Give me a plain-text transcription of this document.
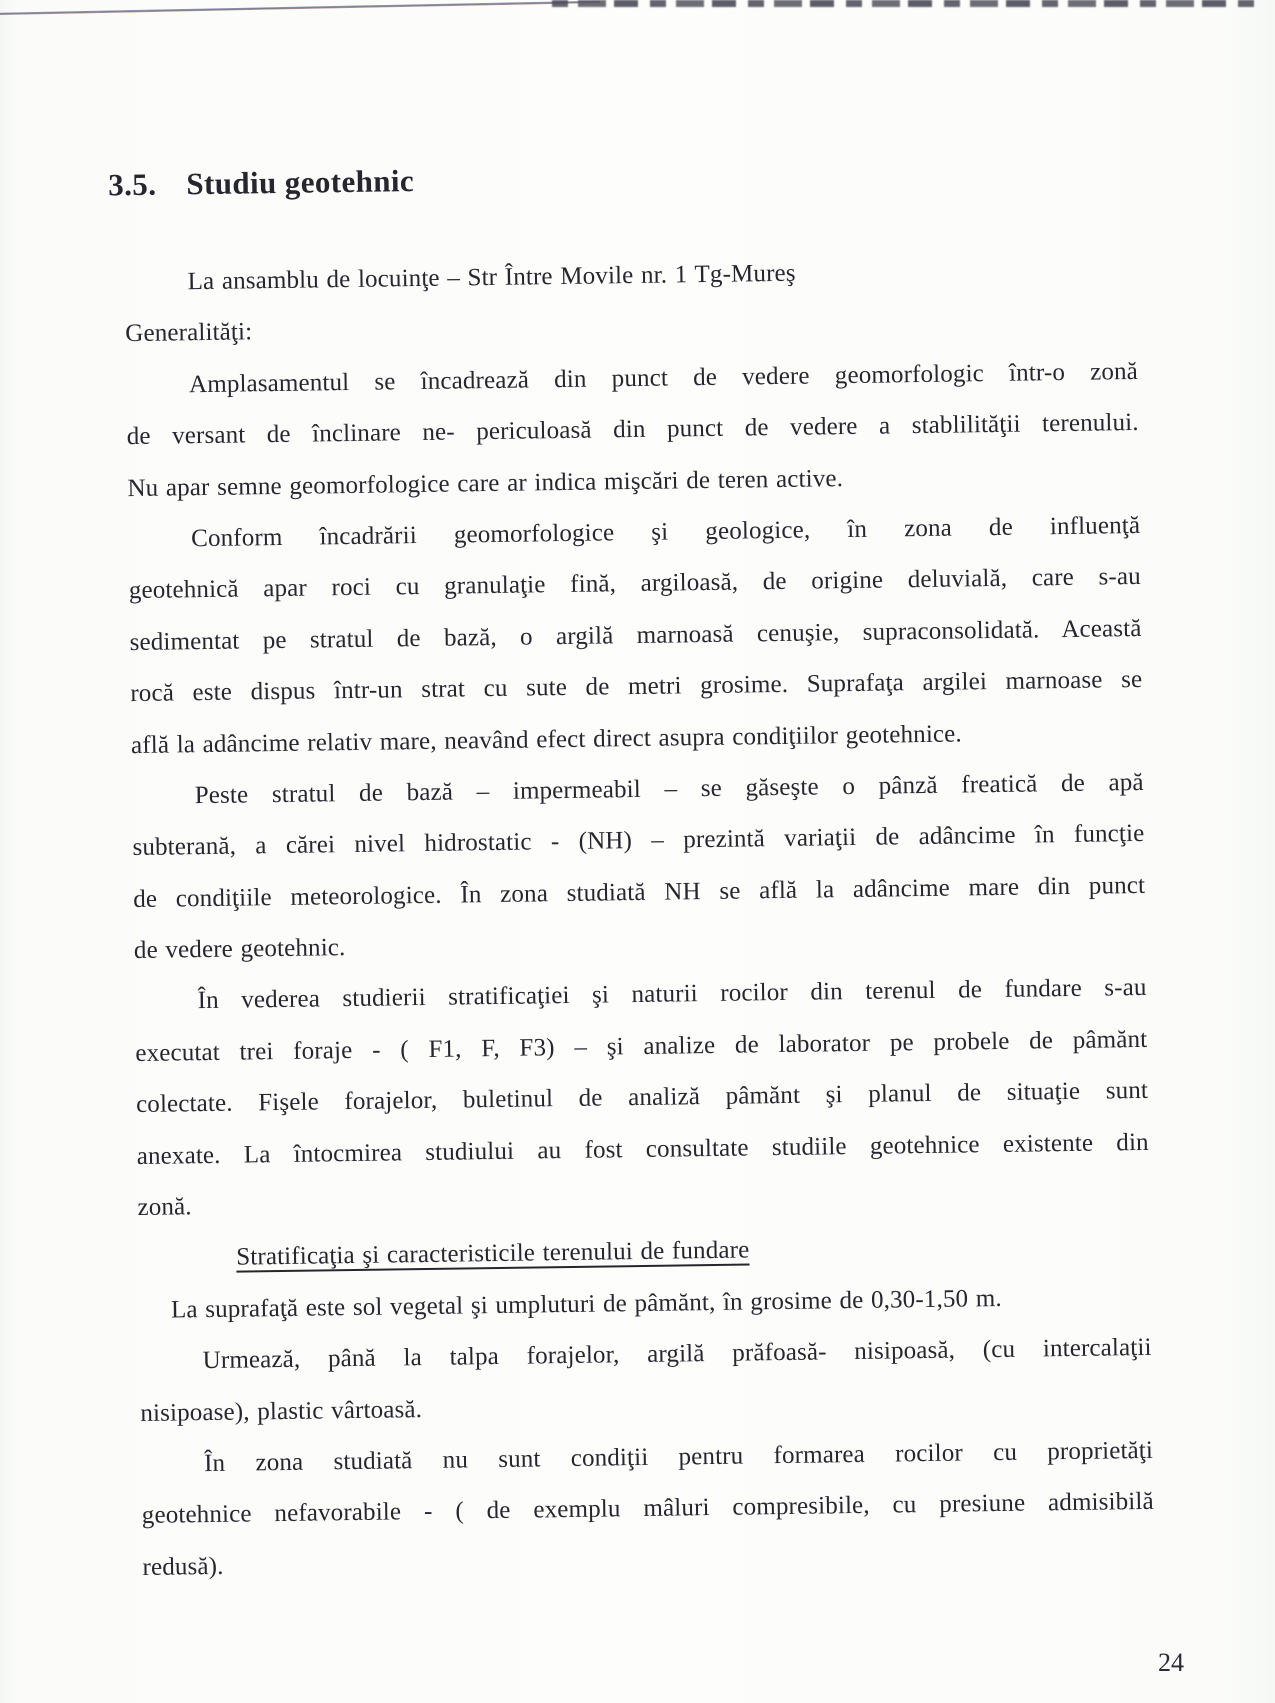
3.5. Studiu geotehnic
La ansamblu de locuinţe – Str Între Movile nr. 1 Tg-Mureş
Generalităţi:
Amplasamentul se încadrează din punct de vedere geomorfologic într-o zonă
de versant de înclinare ne- periculoasă din punct de vedere a stablilităţii terenului.
Nu apar semne geomorfologice care ar indica mişcări de teren active.
Conform încadrării geomorfologice şi geologice, în zona de influenţă
geotehnică apar roci cu granulaţie fină, argiloasă, de origine deluvială, care s-au
sedimentat pe stratul de bază, o argilă marnoasă cenuşie, supraconsolidată. Această
rocă este dispus într-un strat cu sute de metri grosime. Suprafaţa argilei marnoase se
află la adâncime relativ mare, neavând efect direct asupra condiţiilor geotehnice.
Peste stratul de bază – impermeabil – se găseşte o pânză freatică de apă
subterană, a cărei nivel hidrostatic - (NH) – prezintă variaţii de adâncime în funcţie
de condiţiile meteorologice. În zona studiată NH se află la adâncime mare din punct
de vedere geotehnic.
În vederea studierii stratificaţiei şi naturii rocilor din terenul de fundare s-au
executat trei foraje - ( F1, F, F3) – şi analize de laborator pe probele de pâmănt
colectate. Fişele forajelor, buletinul de analiză pâmănt şi planul de situaţie sunt
anexate. La întocmirea studiului au fost consultate studiile geotehnice existente din
zonă.
Stratificaţia şi caracteristicile terenului de fundare
La suprafaţă este sol vegetal şi umpluturi de pâmănt, în grosime de 0,30-1,50 m.
Urmează, până la talpa forajelor, argilă prăfoasă- nisipoasă, (cu intercalaţii
nisipoase), plastic vârtoasă.
În zona studiată nu sunt condiţii pentru formarea rocilor cu proprietăţi
geotehnice nefavorabile - ( de exemplu mâluri compresibile, cu presiune admisibilă
redusă).
24
